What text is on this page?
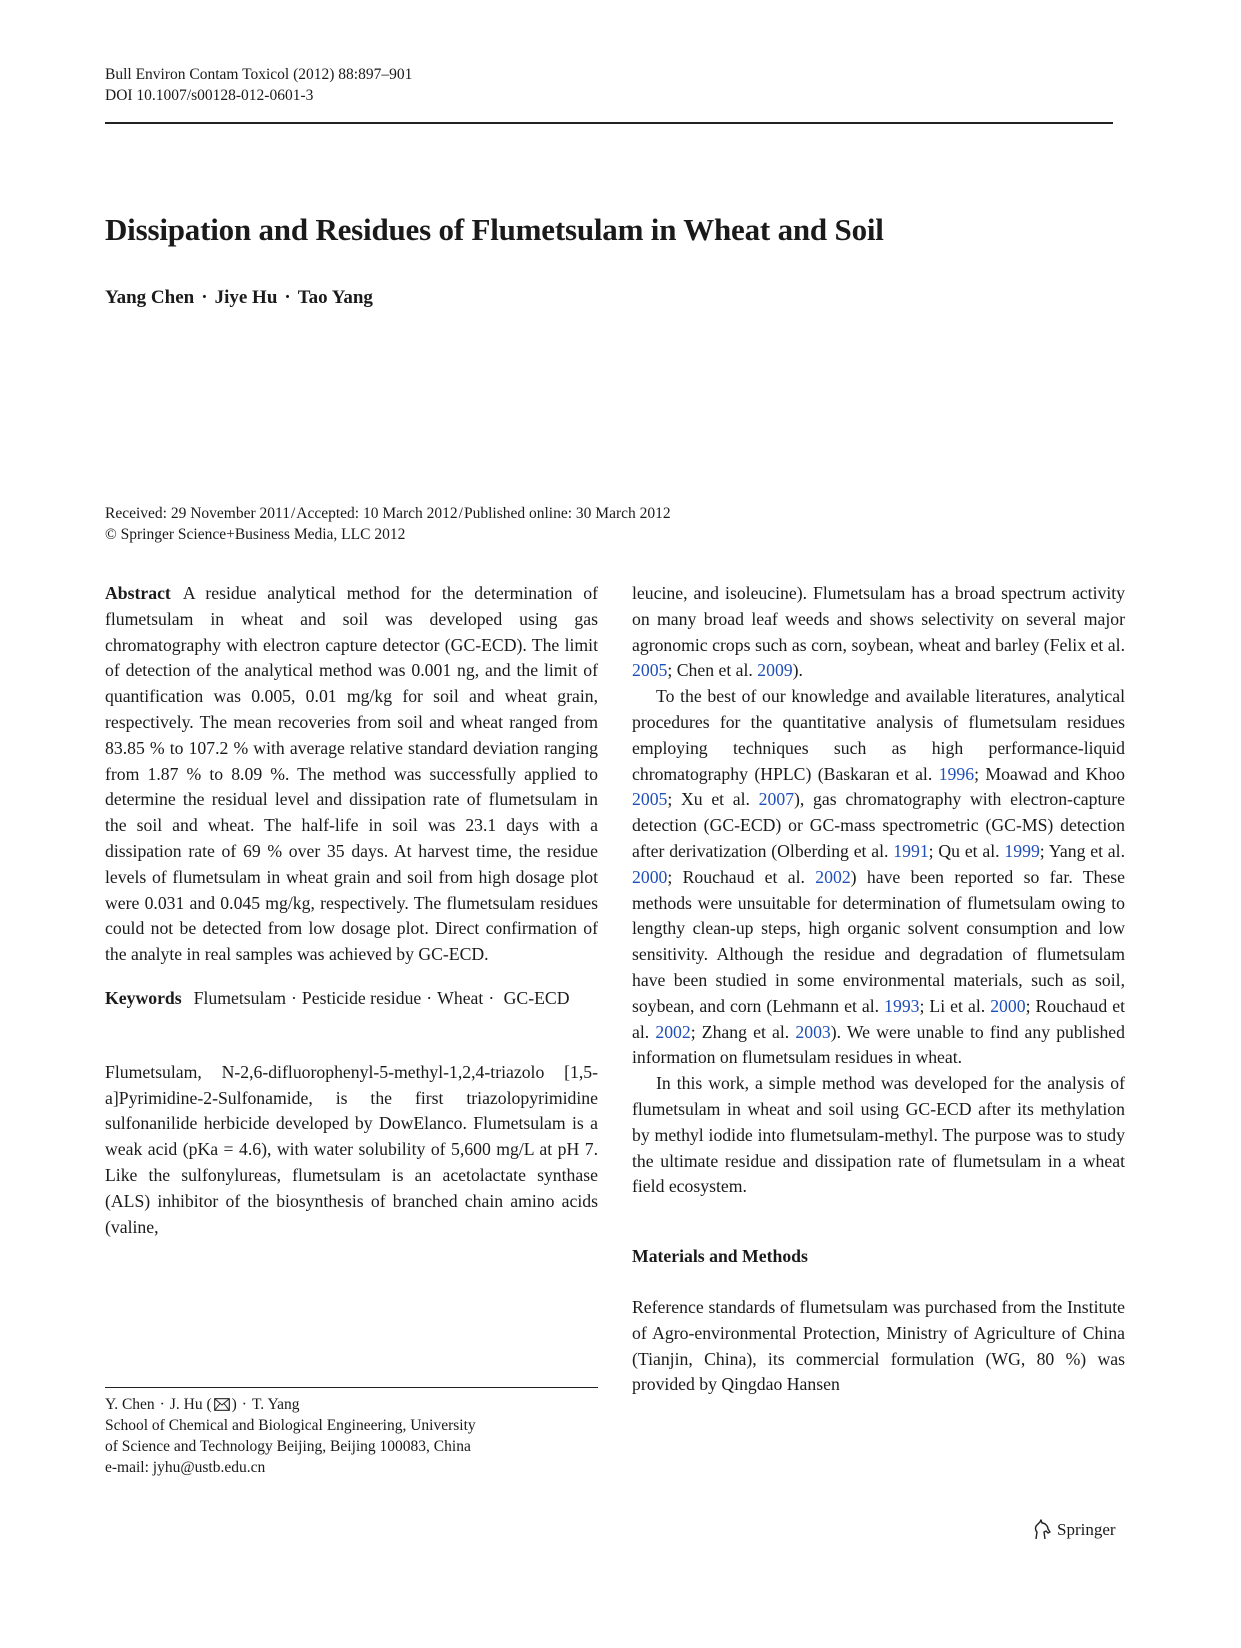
Bull Environ Contam Toxicol (2012) 88:897–901
DOI 10.1007/s00128-012-0601-3
Dissipation and Residues of Flumetsulam in Wheat and Soil
Yang Chen · Jiye Hu · Tao Yang
Received: 29 November 2011/Accepted: 10 March 2012/Published online: 30 March 2012
© Springer Science+Business Media, LLC 2012

Abstract A residue analytical method for the determination of flumetsulam in wheat and soil was developed using gas chromatography with electron capture detector (GC-ECD). The limit of detection of the analytical method was 0.001 ng, and the limit of quantification was 0.005, 0.01 mg/kg for soil and wheat grain, respectively. The mean recoveries from soil and wheat ranged from 83.85 % to 107.2 % with average relative standard deviation ranging from 1.87 % to 8.09 %. The method was successfully applied to determine the residual level and dissipation rate of flumetsulam in the soil and wheat. The half-life in soil was 23.1 days with a dissipation rate of 69 % over 35 days. At harvest time, the residue levels of flumetsulam in wheat grain and soil from high dosage plot were 0.031 and 0.045 mg/kg, respectively. The flumetsulam residues could not be detected from low dosage plot. Direct confirmation of the analyte in real samples was achieved by GC-ECD.

Keywords Flumetsulam · Pesticide residue · Wheat · GC-ECD

Flumetsulam, N-2,6-difluorophenyl-5-methyl-1,2,4-triazolo [1,5-a]Pyrimidine-2-Sulfonamide, is the first triazolopyrimidine sulfonanilide herbicide developed by DowElanco. Flumetsulam is a weak acid (pKa = 4.6), with water solubility of 5,600 mg/L at pH 7. Like the sulfonylureas, flumetsulam is an acetolactate synthase (ALS) inhibitor of the biosynthesis of branched chain amino acids (valine,

leucine, and isoleucine). Flumetsulam has a broad spectrum activity on many broad leaf weeds and shows selectivity on several major agronomic crops such as corn, soybean, wheat and barley (Felix et al. 2005; Chen et al. 2009).

To the best of our knowledge and available literatures, analytical procedures for the quantitative analysis of flumetsulam residues employing techniques such as high performance-liquid chromatography (HPLC) (Baskaran et al. 1996; Moawad and Khoo 2005; Xu et al. 2007), gas chromatography with electron-capture detection (GC-ECD) or GC-mass spectrometric (GC-MS) detection after derivatization (Olberding et al. 1991; Qu et al. 1999; Yang et al. 2000; Rouchaud et al. 2002) have been reported so far. These methods were unsuitable for determination of flumetsulam owing to lengthy clean-up steps, high organic solvent consumption and low sensitivity. Although the residue and degradation of flumetsulam have been studied in some environmental materials, such as soil, soybean, and corn (Lehmann et al. 1993; Li et al. 2000; Rouchaud et al. 2002; Zhang et al. 2003). We were unable to find any published information on flumetsulam residues in wheat.

In this work, a simple method was developed for the analysis of flumetsulam in wheat and soil using GC-ECD after its methylation by methyl iodide into flumetsulam-methyl. The purpose was to study the ultimate residue and dissipation rate of flumetsulam in a wheat field ecosystem.

Materials and Methods

Reference standards of flumetsulam was purchased from the Institute of Agro-environmental Protection, Ministry of Agriculture of China (Tianjin, China), its commercial formulation (WG, 80 %) was provided by Qingdao Hansen

Y. Chen · J. Hu ( ) · T. Yang
School of Chemical and Biological Engineering, University
of Science and Technology Beijing, Beijing 100083, China
e-mail: jyhu@ustb.edu.cn
Springer
